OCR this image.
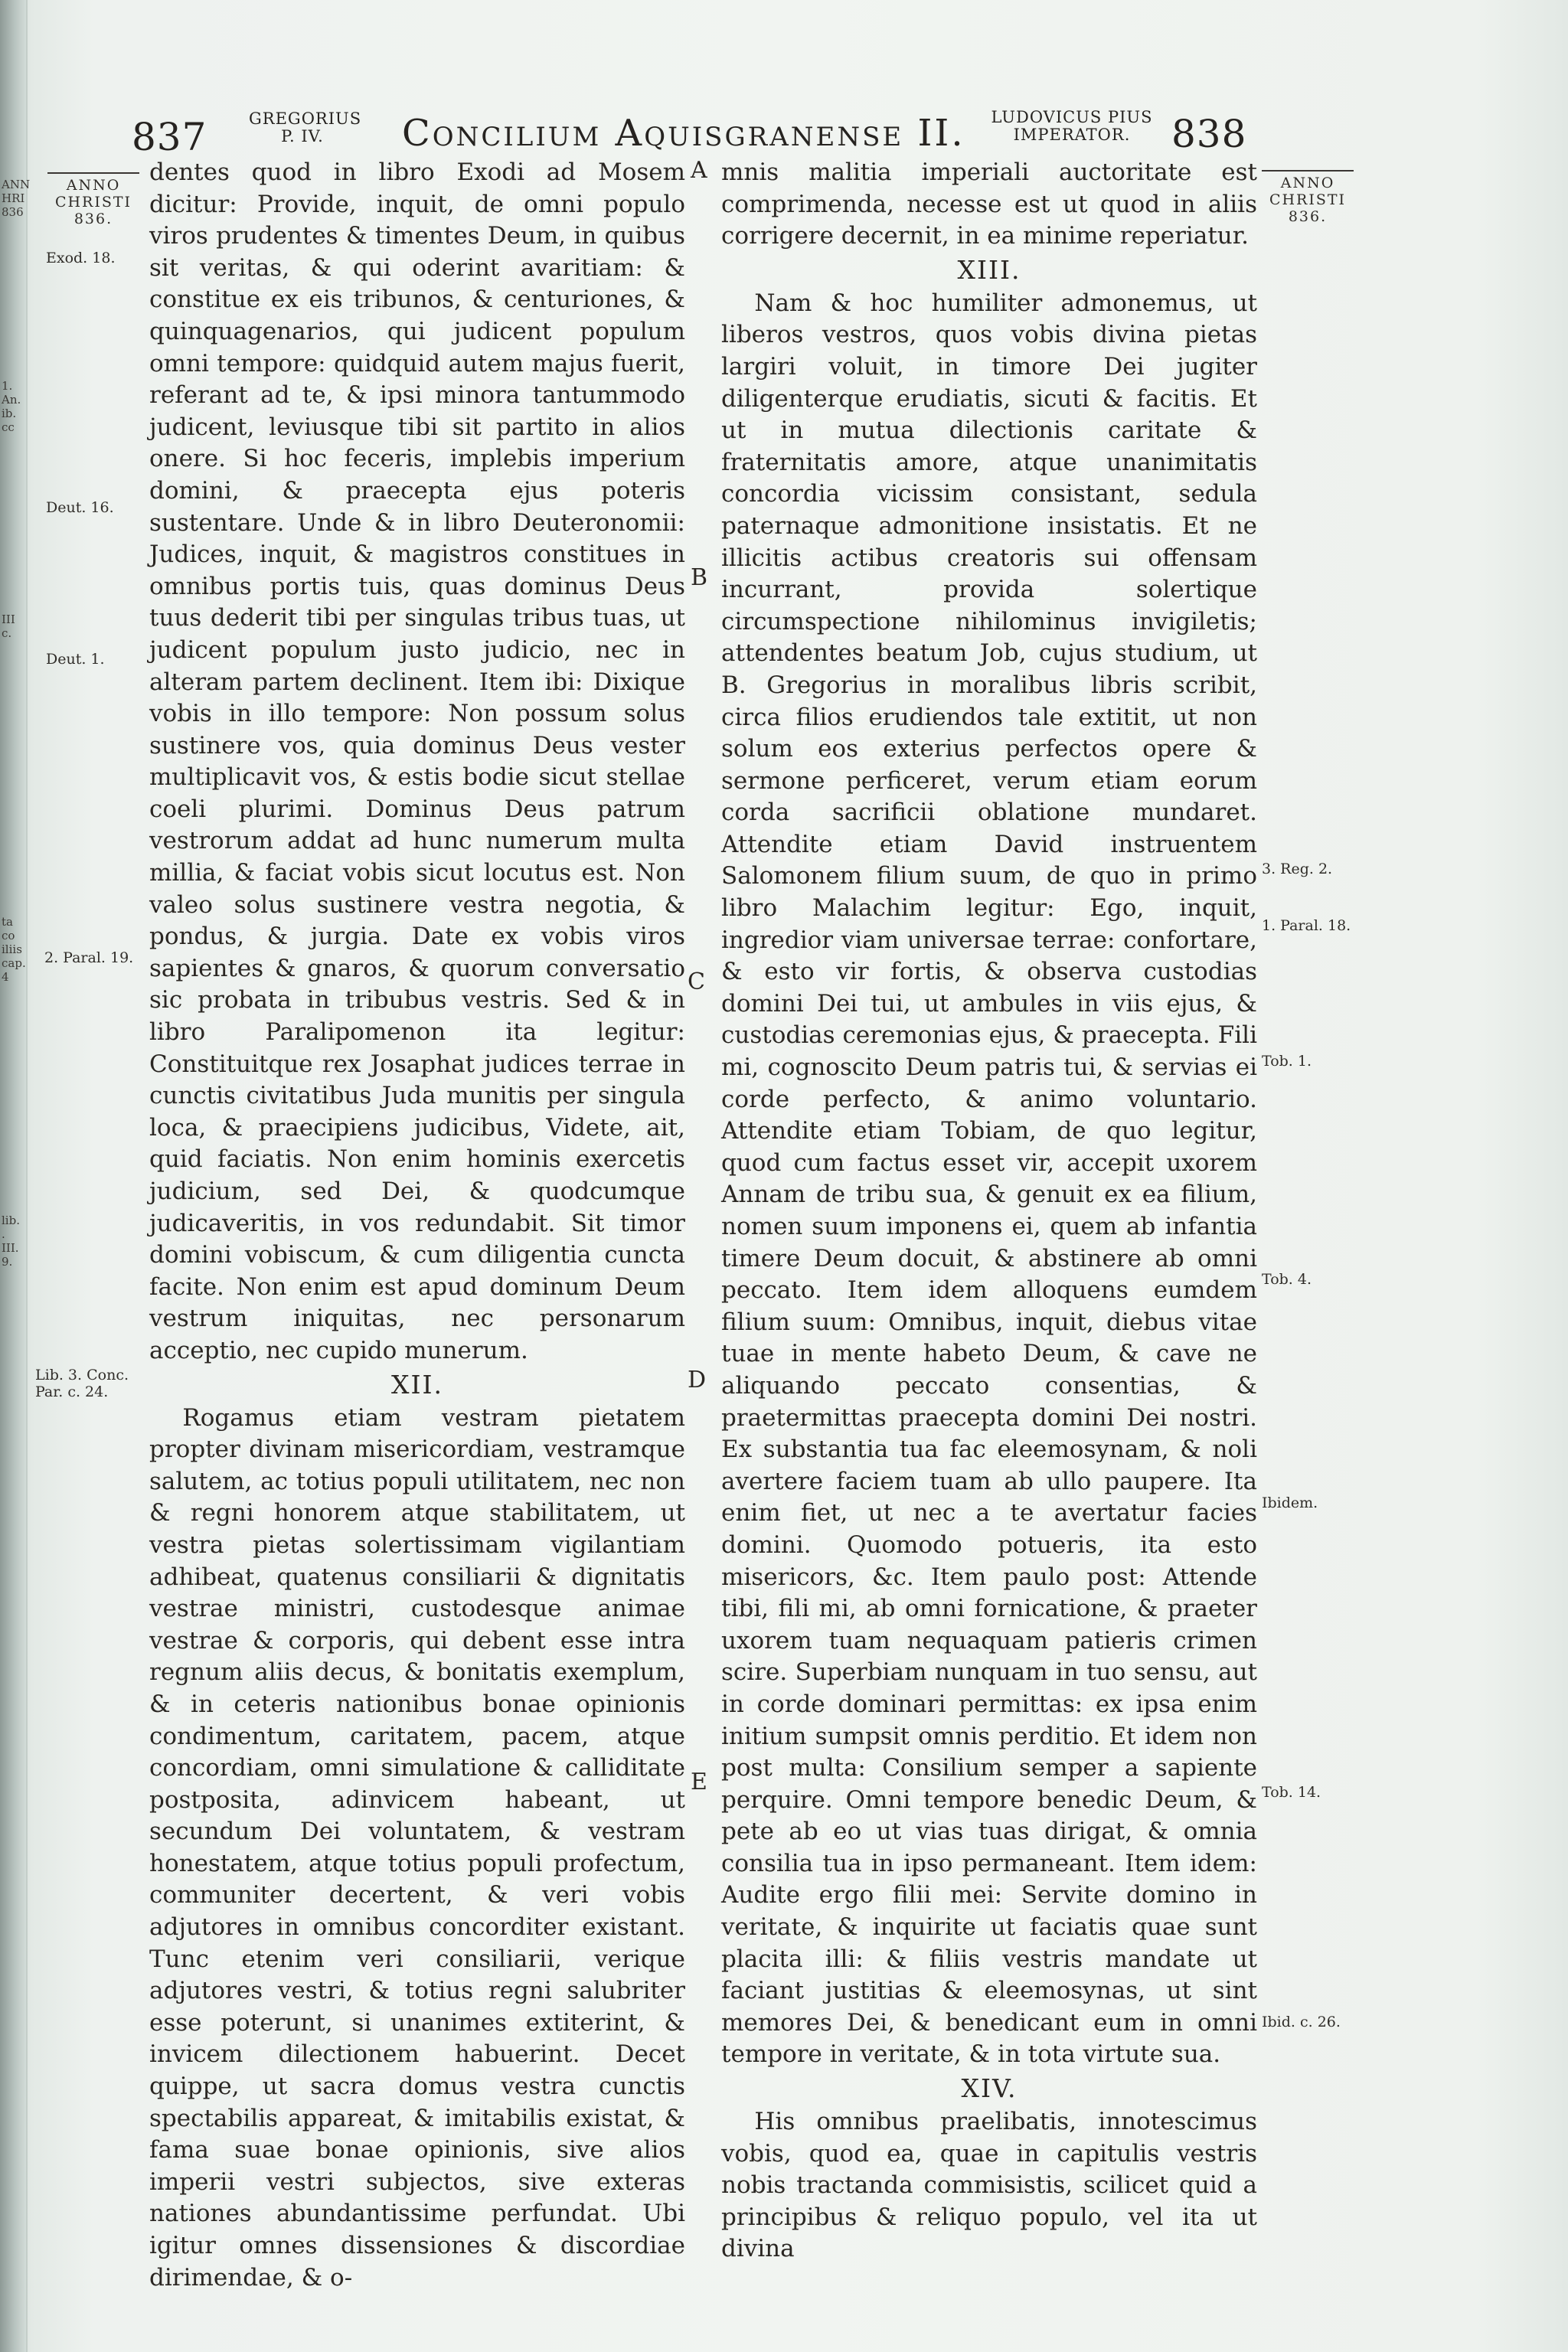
ANN
HRI
836
1. An.
ib. cc
III c.
ta co
iliis
cap. 4
lib.
. III.
9.
837	GREGORIUS
P. IV.	Concilium Aquisgranense II. LUDOVICUS PIUS
IMPERATOR.	838
ANNO
CHRISTI
836.
Exod. 18.
Deut. 16.
Deut. 1.
2. Paral. 19.
Lib. 3. Conc.
Par. c. 24.
A
B
C
D
E

dentes quod in libro Exodi ad Mosem dicitur: Provide, inquit, de omni populo viros prudentes & timentes Deum, in quibus sit veritas, & qui oderint avaritiam: & constitue ex eis tribunos, & centuriones, & quinquagenarios, qui judicent populum omni tempore: quidquid autem majus fuerit, referant ad te, & ipsi minora tantummodo judicent, leviusque tibi sit partito in alios onere. Si hoc feceris, implebis imperium domini, & praecepta ejus poteris sustentare. Unde & in libro Deuteronomii: Judices, inquit, & magistros constitues in omnibus portis tuis, quas dominus Deus tuus dederit tibi per singulas tribus tuas, ut judicent populum justo judicio, nec in alteram partem declinent. Item ibi: Dixique vobis in illo tempore: Non possum solus sustinere vos, quia dominus Deus vester multiplicavit vos, & estis bodie sicut stellae coeli plurimi. Dominus Deus patrum vestrorum addat ad hunc numerum multa millia, & faciat vobis sicut locutus est. Non valeo solus sustinere vestra negotia, & pondus, & jurgia. Date ex vobis viros sapientes & gnaros, & quorum conversatio sic probata in tribubus vestris. Sed & in libro Paralipomenon ita legitur: Constituitque rex Josaphat judices terrae in cunctis civitatibus Juda munitis per singula loca, & praecipiens judicibus, Videte, ait, quid faciatis. Non enim hominis exercetis judicium, sed Dei, & quodcumque judicaveritis, in vos redundabit. Sit timor domini vobiscum, & cum diligentia cuncta facite. Non enim est apud dominum Deum vestrum iniquitas, nec personarum acceptio, nec cupido munerum.

XII.

Rogamus etiam vestram pietatem propter divinam misericordiam, vestramque salutem, ac totius populi utilitatem, nec non & regni honorem atque stabilitatem, ut vestra pietas solertissimam vigilantiam adhibeat, quatenus consiliarii & dignitatis vestrae ministri, custodesque animae vestrae & corporis, qui debent esse intra regnum aliis decus, & bonitatis exemplum, & in ceteris nationibus bonae opinionis condimentum, caritatem, pacem, atque concordiam, omni simulatione & calliditate postposita, adinvicem habeant, ut secundum Dei voluntatem, & vestram honestatem, atque totius populi profectum, communiter decertent, & veri vobis adjutores in omnibus concorditer existant. Tunc etenim veri consiliarii, verique adjutores vestri, & totius regni salubriter esse poterunt, si unanimes extiterint, & invicem dilectionem habuerint. Decet quippe, ut sacra domus vestra cunctis spectabilis appareat, & imitabilis existat, & fama suae bonae opinionis, sive alios imperii vestri subjectos, sive exteras nationes abundantissime perfundat. Ubi igitur omnes dissensiones & discordiae dirimendae, & o-

mnis malitia imperiali auctoritate est comprimenda, necesse est ut quod in aliis corrigere decernit, in ea minime reperiatur.

XIII.

Nam & hoc humiliter admonemus, ut liberos vestros, quos vobis divina pietas largiri voluit, in timore Dei jugiter diligenterque erudiatis, sicuti & facitis. Et ut in mutua dilectionis caritate & fraternitatis amore, atque unanimitatis concordia vicissim consistant, sedula paternaque admonitione insistatis. Et ne illicitis actibus creatoris sui offensam incurrant, provida solertique circumspectione nihilominus invigiletis; attendentes beatum Job, cujus studium, ut B. Gregorius in moralibus libris scribit, circa filios erudiendos tale extitit, ut non solum eos exterius perfectos opere & sermone perficeret, verum etiam eorum corda sacrificii oblatione mundaret. Attendite etiam David instruentem Salomonem filium suum, de quo in primo libro Malachim legitur: Ego, inquit, ingredior viam universae terrae: confortare, & esto vir fortis, & observa custodias domini Dei tui, ut ambules in viis ejus, & custodias ceremonias ejus, & praecepta. Fili mi, cognoscito Deum patris tui, & servias ei corde perfecto, & animo voluntario. Attendite etiam Tobiam, de quo legitur, quod cum factus esset vir, accepit uxorem Annam de tribu sua, & genuit ex ea filium, nomen suum imponens ei, quem ab infantia timere Deum docuit, & abstinere ab omni peccato. Item idem alloquens eumdem filium suum: Omnibus, inquit, diebus vitae tuae in mente habeto Deum, & cave ne aliquando peccato consentias, & praetermittas praecepta domini Dei nostri. Ex substantia tua fac eleemosynam, & noli avertere faciem tuam ab ullo paupere. Ita enim fiet, ut nec a te avertatur facies domini. Quomodo potueris, ita esto misericors, &c. Item paulo post: Attende tibi, fili mi, ab omni fornicatione, & praeter uxorem tuam nequaquam patieris crimen scire. Superbiam nunquam in tuo sensu, aut in corde dominari permittas: ex ipsa enim initium sumpsit omnis perditio. Et idem non post multa: Consilium semper a sapiente perquire. Omni tempore benedic Deum, & pete ab eo ut vias tuas dirigat, & omnia consilia tua in ipso permaneant. Item idem: Audite ergo filii mei: Servite domino in veritate, & inquirite ut faciatis quae sunt placita illi: & filiis vestris mandate ut faciant justitias & eleemosynas, ut sint memores Dei, & benedicant eum in omni tempore in veritate, & in tota virtute sua.

XIV.

His omnibus praelibatis, innotescimus vobis, quod ea, quae in capitulis vestris nobis tractanda commisistis, scilicet quid a principibus & reliquo populo, vel ita ut divina

ANNO
CHRISTI
836.
3. Reg. 2.
1. Paral. 18.
Tob. 1.
Tob. 4.
Ibidem.
Tob. 14.
Ibid. c. 26.
